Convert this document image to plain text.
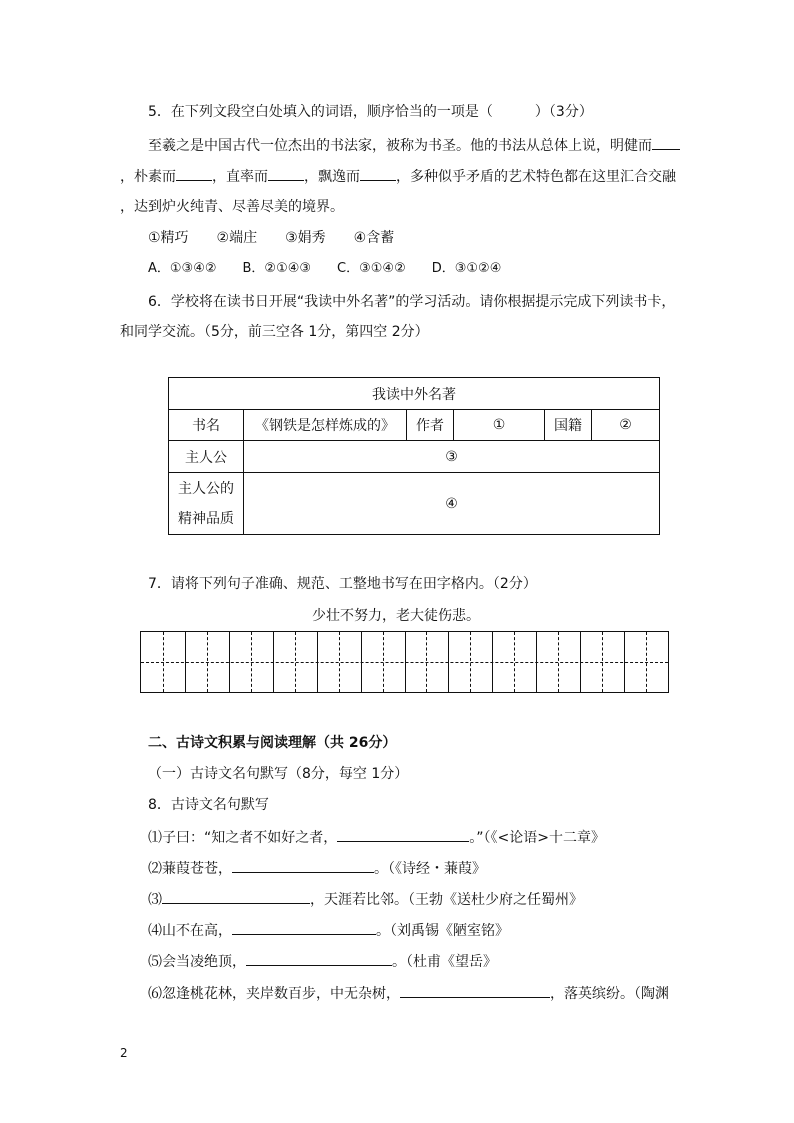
5．在下列文段空白处填入的词语，顺序恰当的一项是（　　　）（3分）
至羲之是中国古代一位杰出的书法家，被称为书圣。他的书法从总体上说，明健而
，朴素而	，直率而	，飘逸而	，多种似乎矛盾的艺术特色都在这里汇合交融
，达到炉火纯青、尽善尽美的境界。
①精巧　　②端庄　　③娟秀　　④含蓄
A．①③④②　　B．②①④③　　C．③①④②　　D．③①②④
6．学校将在读书日开展“我读中外名著”的学习活动。请你根据提示完成下列读书卡，
和同学交流。（5分，前三空各 1分，第四空 2分）
我读中外名著					
书名	《钢铁是怎样炼成的》	作者	①	国籍	②
主人公	③				

主人公的
精神品质	④				
7．请将下列句子准确、规范、工整地书写在田字格内。（2分）
少壮不努力，老大徒伤悲。
二、古诗文积累与阅读理解（共 26分）
（一）古诗文名句默写（8分，每空 1分）
8．古诗文名句默写
⑴子曰：“知之者不如好之者，	。”（《<论语>十二章》
⑵蒹葭苍苍，	。（《诗经・蒹葭》
⑶	，天涯若比邻。（王勃《送杜少府之任蜀州》
⑷山不在高，	。（刘禹锡《陋室铭》
⑸会当凌绝顶，	。（杜甫《望岳》
⑹忽逢桃花林，夹岸数百步，中无杂树，	，落英缤纷。（陶渊
2
